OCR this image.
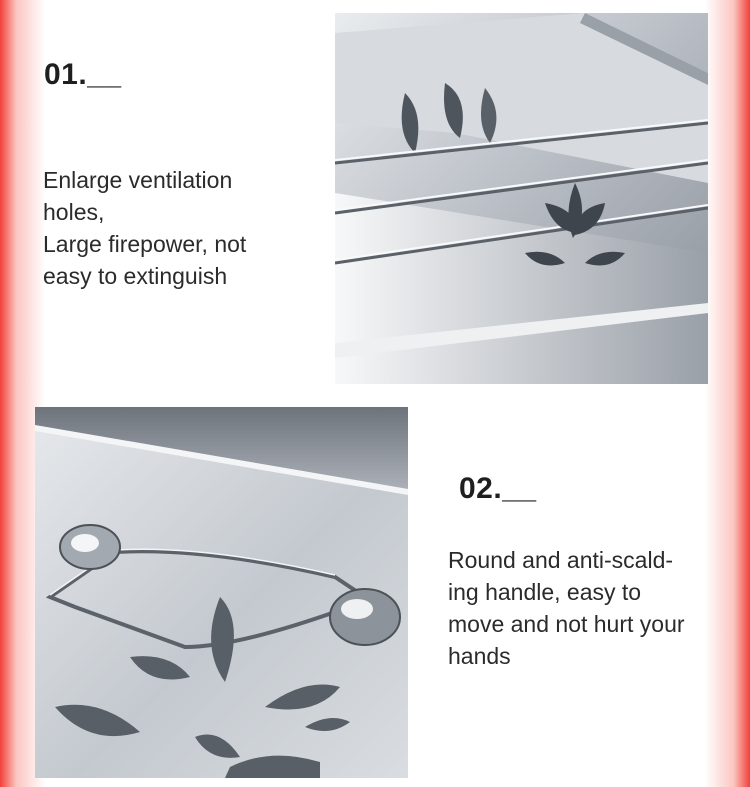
01.__

Enlarge ventilation
holes,
Large firepower, not
easy to extinguish

02.__

Round and anti-scald-
ing handle, easy to
move and not hurt your
hands
